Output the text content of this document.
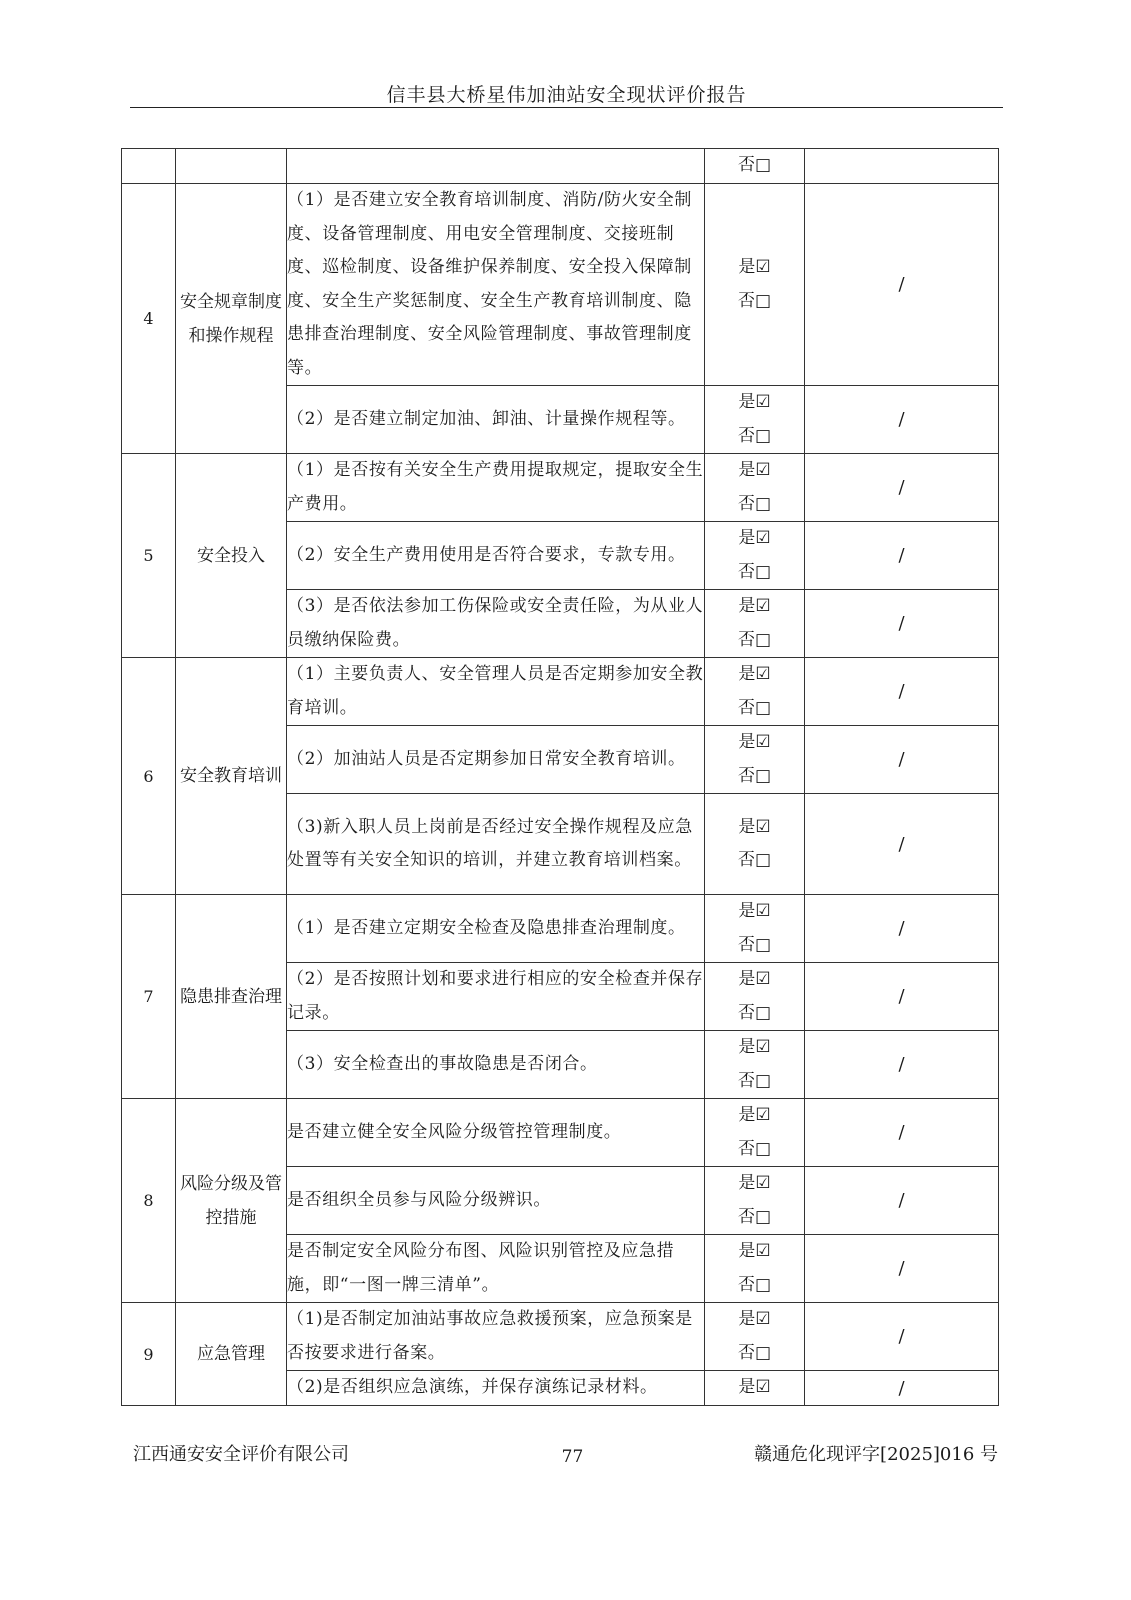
信丰县大桥星伟加油站安全现状评价报告

			否□	

4	安全规章制度和操作规程	（1）是否建立安全教育培训制度、消防/防火安全制度、设备管理制度、用电安全管理制度、交接班制度、巡检制度、设备维护保养制度、安全投入保障制度、安全生产奖惩制度、安全生产教育培训制度、隐患排查治理制度、安全风险管理制度、事故管理制度等。	是☑
否□	/
		（2）是否建立制定加油、卸油、计量操作规程等。	是☑
否□	/
5	安全投入	（1）是否按有关安全生产费用提取规定，提取安全生产费用。	是☑
否□	/
		（2）安全生产费用使用是否符合要求，专款专用。	是☑
否□	/
		（3）是否依法参加工伤保险或安全责任险，为从业人员缴纳保险费。	是☑
否□	/
6	安全教育培训	（1）主要负责人、安全管理人员是否定期参加安全教育培训。	是☑
否□	/
		（2）加油站人员是否定期参加日常安全教育培训。	是☑
否□	/
		（3)新入职人员上岗前是否经过安全操作规程及应急处置等有关安全知识的培训，并建立教育培训档案。	是☑
否□	/
7	隐患排查治理	（1）是否建立定期安全检查及隐患排查治理制度。	是☑
否□	/
		（2）是否按照计划和要求进行相应的安全检查并保存记录。	是☑
否□	/
		（3）安全检查出的事故隐患是否闭合。	是☑
否□	/
8	风险分级及管控措施	是否建立健全安全风险分级管控管理制度。	是☑
否□	/
		是否组织全员参与风险分级辨识。	是☑
否□	/
		是否制定安全风险分布图、风险识别管控及应急措施，即“一图一牌三清单”。	是☑
否□	/
9	应急管理	（1)是否制定加油站事故应急救援预案，应急预案是否按要求进行备案。	是☑
否□	/
		（2)是否组织应急演练，并保存演练记录材料。	是☑	/
江西通安安全评价有限公司	77	赣通危化现评字[2025]016 号
